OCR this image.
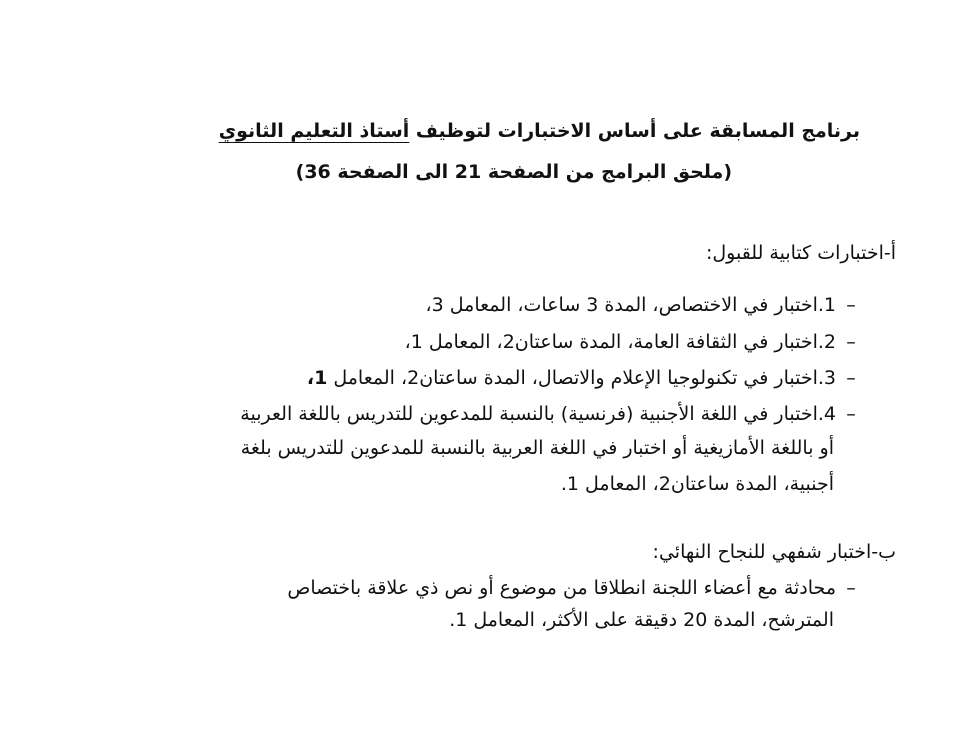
برنامج المسابقة على أساس الاختبارات لتوظيف أستاذ التعليم الثانوي
(ملحق البرامج من الصفحة 21 الى الصفحة 36)
أ-اختبارات كتابية للقبول:
–1.اختبار في الاختصاص، المدة 3 ساعات، المعامل 3،
–2.اختبار في الثقافة العامة، المدة ساعتان2، المعامل 1،
–3.اختبار في تكنولوجيا الإعلام والاتصال، المدة ساعتان2، المعامل 1،
–4.اختبار في اللغة الأجنبية (فرنسية) بالنسبة للمدعوين للتدريس باللغة العربية
أو باللغة الأمازيغية أو اختبار في اللغة العربية بالنسبة للمدعوين للتدريس بلغة
أجنبية، المدة ساعتان2، المعامل 1.
ب-اختبار شفهي للنجاح النهائي:
–محادثة مع أعضاء اللجنة انطلاقا من موضوع أو نص ذي علاقة باختصاص
المترشح، المدة 20 دقيقة على الأكثر، المعامل 1.
